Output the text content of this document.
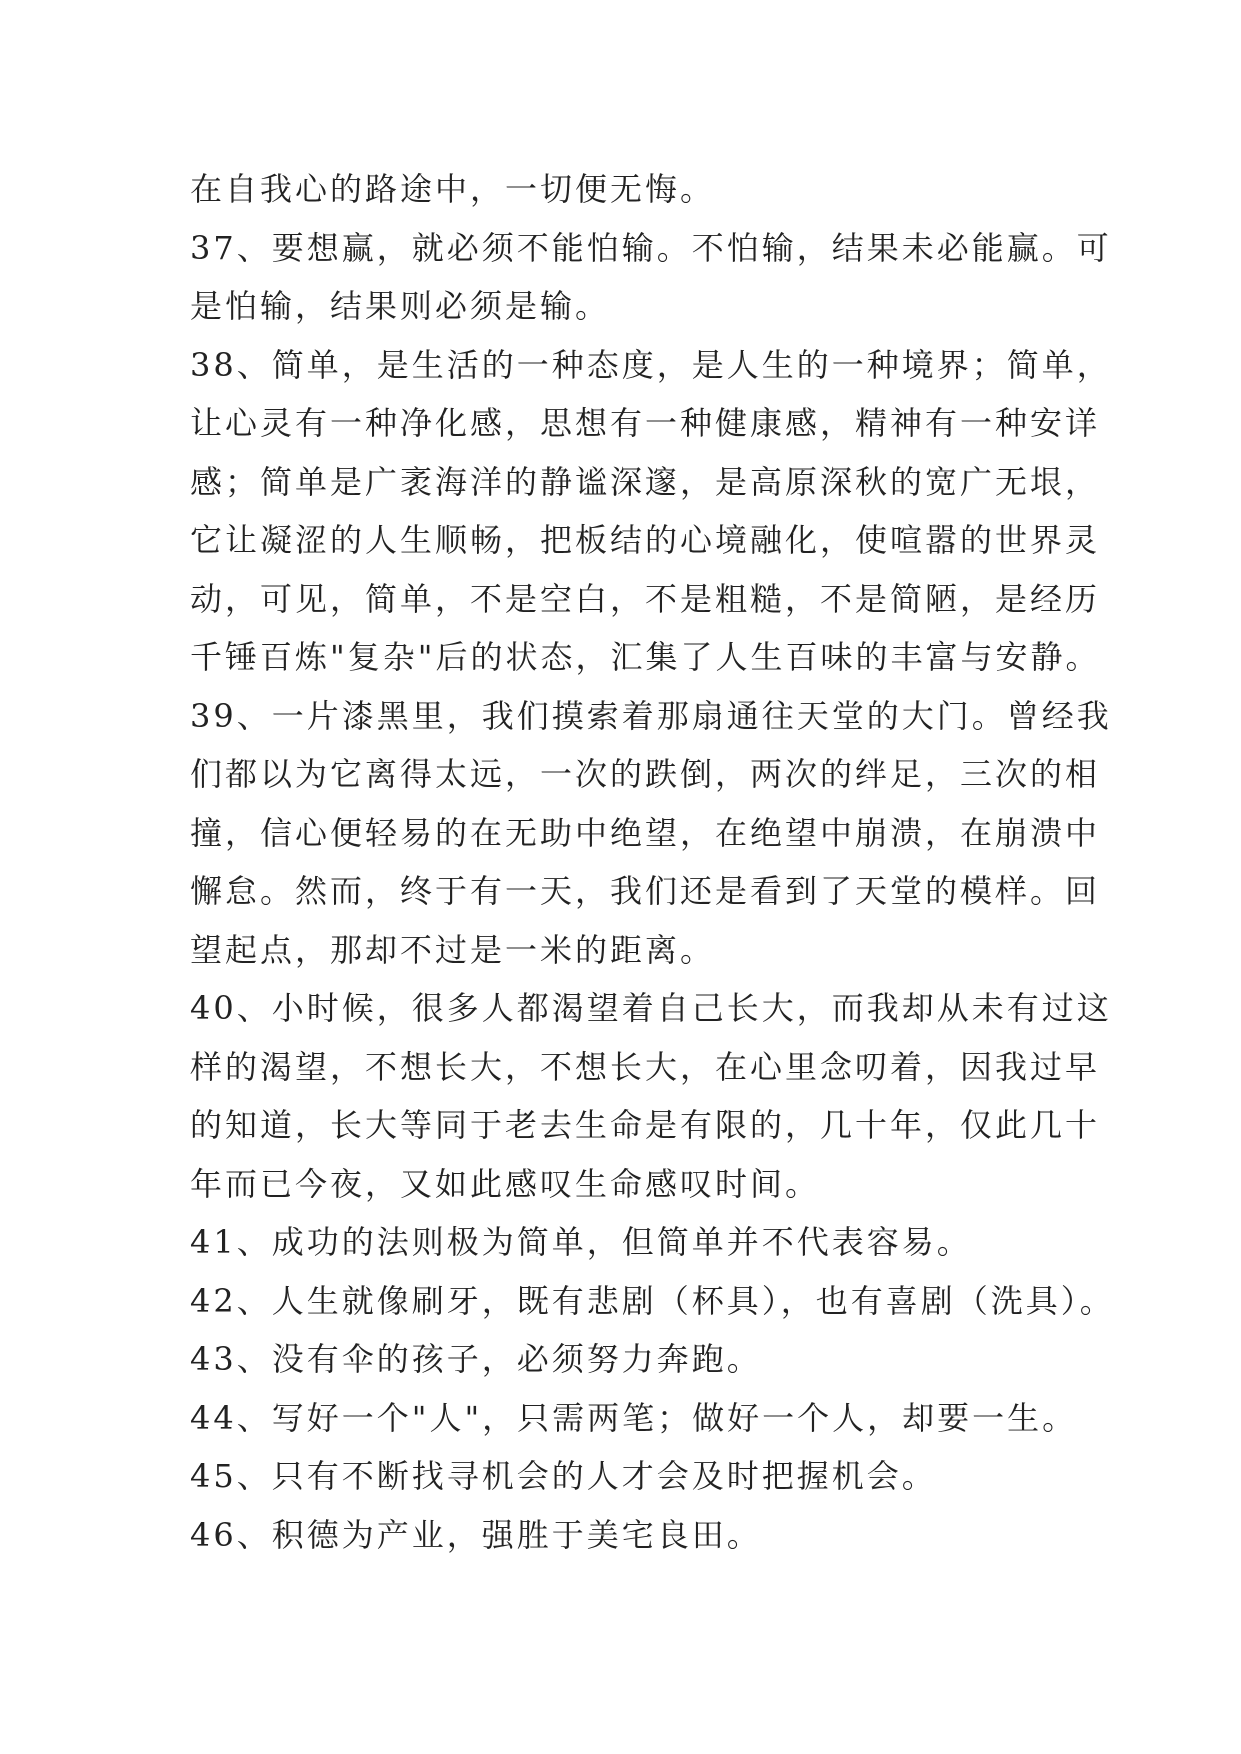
在自我心的路途中，一切便无悔。
37、要想赢，就必须不能怕输。不怕输，结果未必能赢。可
是怕输，结果则必须是输。
38、简单，是生活的一种态度，是人生的一种境界；简单，
让心灵有一种净化感，思想有一种健康感，精神有一种安详
感；简单是广袤海洋的静谧深邃，是高原深秋的宽广无垠，
它让凝涩的人生顺畅，把板结的心境融化，使喧嚣的世界灵
动，可见，简单，不是空白，不是粗糙，不是简陋，是经历
千锤百炼"复杂"后的状态，汇集了人生百味的丰富与安静。
39、一片漆黑里，我们摸索着那扇通往天堂的大门。曾经我
们都以为它离得太远，一次的跌倒，两次的绊足，三次的相
撞，信心便轻易的在无助中绝望，在绝望中崩溃，在崩溃中
懈怠。然而，终于有一天，我们还是看到了天堂的模样。回
望起点，那却不过是一米的距离。
40、小时候，很多人都渴望着自己长大，而我却从未有过这
样的渴望，不想长大，不想长大，在心里念叨着，因我过早
的知道，长大等同于老去生命是有限的，几十年，仅此几十
年而已今夜，又如此感叹生命感叹时间。
41、成功的法则极为简单，但简单并不代表容易。
42、人生就像刷牙，既有悲剧（杯具），也有喜剧（洗具）。
43、没有伞的孩子，必须努力奔跑。
44、写好一个"人"，只需两笔；做好一个人，却要一生。
45、只有不断找寻机会的人才会及时把握机会。
46、积德为产业，强胜于美宅良田。
